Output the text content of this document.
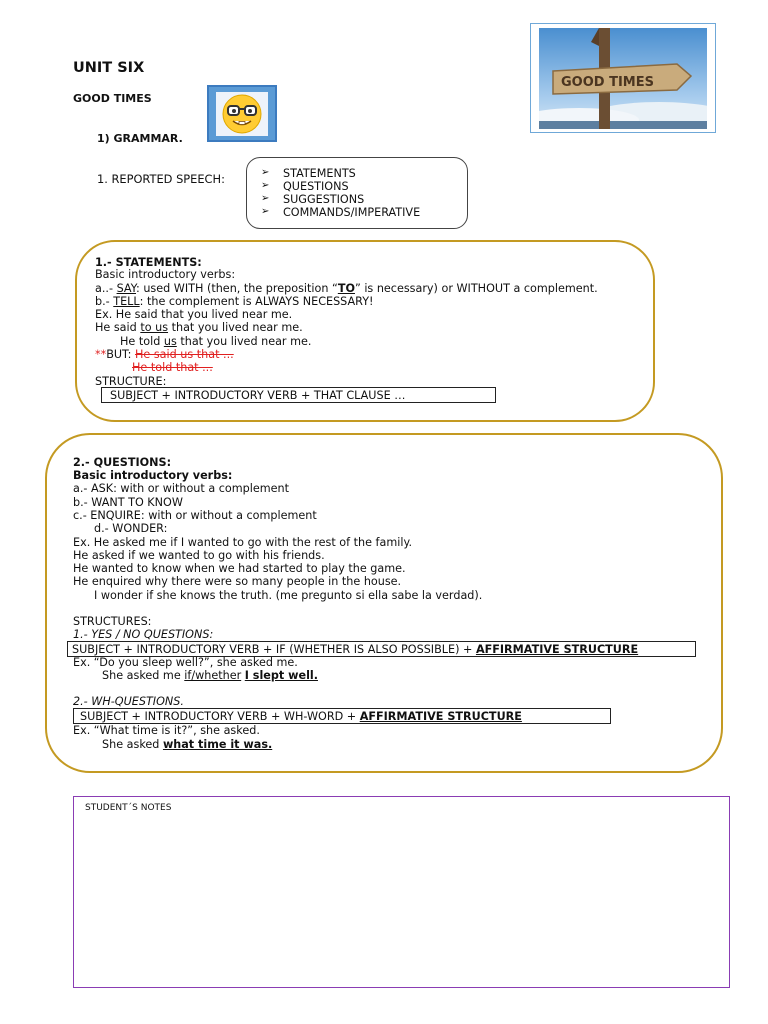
UNIT SIX
GOOD TIMES
GOOD TIMES
1) GRAMMAR.
1. REPORTED SPEECH:	➢ STATEMENTS
➢ QUESTIONS
➢ SUGGESTIONS
➢ COMMANDS/IMPERATIVE
1.- STATEMENTS:
Basic introductory verbs:
a..- SAY: used WITH (then, the preposition “TO” is necessary) or WITHOUT a complement.
b.- TELL: the complement is ALWAYS NECESSARY!
Ex. He said that you lived near me.
He said to us that you lived near me.
He told us that you lived near me.
**BUT: He said us that ...
He told that ...
STRUCTURE:
SUBJECT + INTRODUCTORY VERB + THAT CLAUSE …
2.- QUESTIONS:
Basic introductory verbs:
a.- ASK: with or without a complement
b.- WANT TO KNOW
c.- ENQUIRE: with or without a complement
d.- WONDER:
Ex. He asked me if I wanted to go with the rest of the family.
He asked if we wanted to go with his friends.
He wanted to know when we had started to play the game.
He enquired why there were so many people in the house.
I wonder if she knows the truth. (me pregunto si ella sabe la verdad).
STRUCTURES:
1.- YES / NO QUESTIONS:
SUBJECT + INTRODUCTORY VERB + IF (WHETHER IS ALSO POSSIBLE) + AFFIRMATIVE STRUCTURE
Ex. “Do you sleep well?”, she asked me.
She asked me if/whether I slept well.
2.- WH-QUESTIONS.
SUBJECT + INTRODUCTORY VERB + WH-WORD + AFFIRMATIVE STRUCTURE
Ex. “What time is it?”, she asked.
She asked what time it was.
STUDENT´S NOTES
